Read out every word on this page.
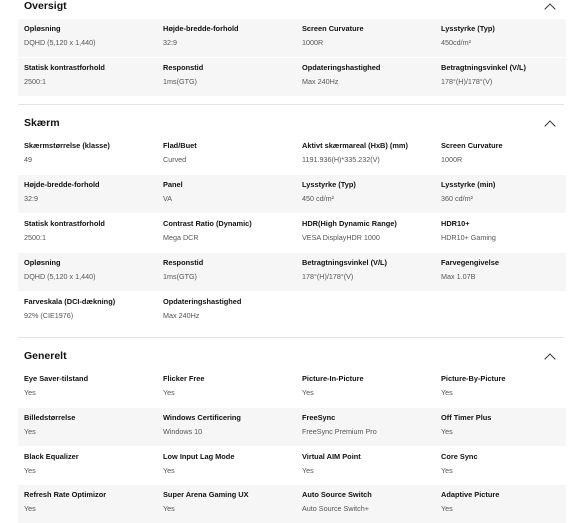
Oversigt
Opløsning
DQHD (5,120 x 1,440)
Højde-bredde-forhold
32:9
Screen Curvature
1000R
Lysstyrke (Typ)
450cd/m²
Statisk kontrastforhold
2500:1
Responstid
1ms(GTG)
Opdateringshastighed
Max 240Hz
Betragtningsvinkel (V/L)
178°(H)/178°(V)
Skærm
Skærmstørrelse (klasse)
49
Flad/Buet
Curved
Aktivt skærmareal (HxB) (mm)
1191.936(H)*335.232(V)
Screen Curvature
1000R
Højde-bredde-forhold
32:9
Panel
VA
Lysstyrke (Typ)
450 cd/m²
Lysstyrke (min)
360 cd/m²
Statisk kontrastforhold
2500:1
Contrast Ratio (Dynamic)
Mega DCR
HDR(High Dynamic Range)
VESA DisplayHDR 1000
HDR10+
HDR10+ Gaming
Opløsning
DQHD (5,120 x 1,440)
Responstid
1ms(GTG)
Betragtningsvinkel (V/L)
178°(H)/178°(V)
Farvegengivelse
Max 1.07B
Farveskala (DCI-dækning)
92% (CIE1976)
Opdateringshastighed
Max 240Hz
Generelt
Eye Saver-tilstand
Yes
Flicker Free
Yes
Picture-In-Picture
Yes
Picture-By-Picture
Yes
Billedstørrelse
Yes
Windows Certificering
Windows 10
FreeSync
FreeSync Premium Pro
Off Timer Plus
Yes
Black Equalizer
Yes
Low Input Lag Mode
Yes
Virtual AIM Point
Yes
Core Sync
Yes
Refresh Rate Optimizor
Yes
Super Arena Gaming UX
Yes
Auto Source Switch
Auto Source Switch+
Adaptive Picture
Yes
